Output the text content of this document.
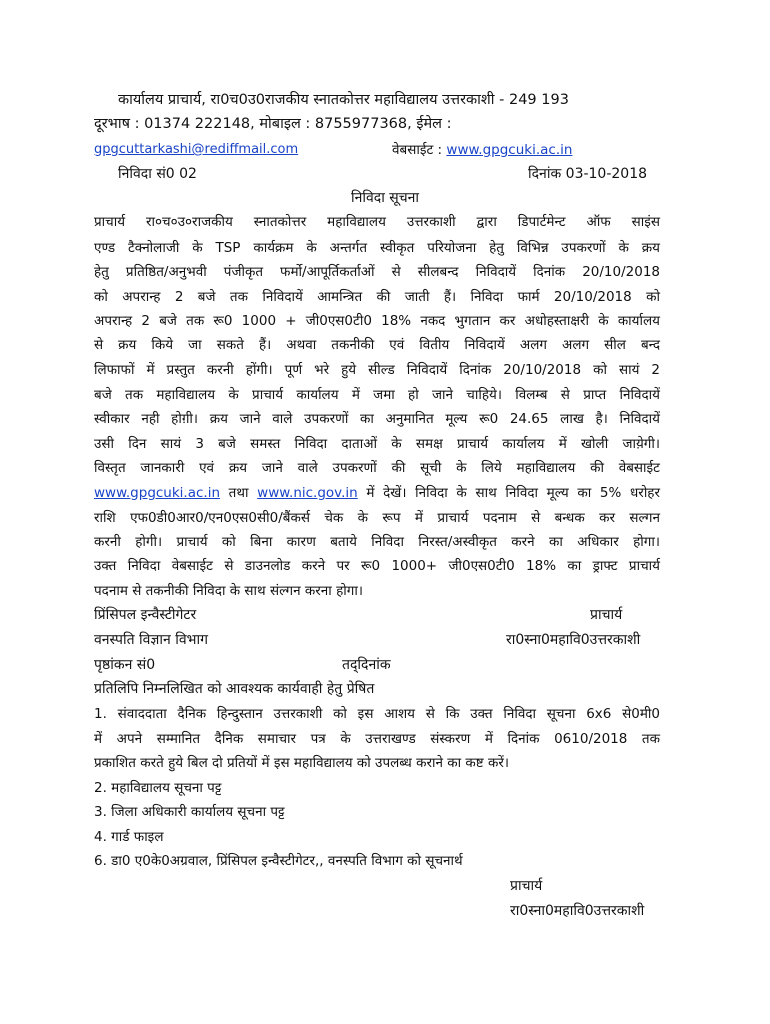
कार्यालय प्राचार्य, रा0च0उ0राजकीय स्नातकोत्तर महाविद्यालय उत्तरकाशी - 249 193
दूरभाष : 01374 222148, मोबाइल : 8755977368, ईमेल :
gpgcuttarkashi@rediffmail.com	वेबसाईट : www.gpgcuki.ac.in
निविदा सं0 02	दिनांक 03-10-2018
निविदा सूचना
प्राचार्य रा०च०उ०राजकीय स्नातकोत्तर महाविद्यालय उत्तरकाशी द्वारा डिपार्टमेन्ट ऑफ साइंस
एण्ड टैक्नोलाजी के TSP कार्यक्रम के अन्तर्गत स्वीकृत परियोजना हेतु विभिन्न उपकरणों के क्रय
हेतु प्रतिष्ठित/अनुभवी पंजीकृत फर्मो/आपूर्तिकर्ताओं से सीलबन्द निविदायें दिनांक 20/10/2018
को अपरान्ह 2 बजे तक निविदायें आमन्त्रित की जाती हैं। निविदा फार्म 20/10/2018 को
अपरान्ह 2 बजे तक रू0 1000 + जी0एस0टी0 18% नकद भुगतान कर अधोहस्ताक्षरी के कार्यालय
से क्रय किये जा सकते हैं। अथवा तकनीकी एवं वितीय निविदायें अलग अलग सील बन्द
लिफाफों में प्रस्तुत करनी होंगी। पूर्ण भरे हुये सील्ड निविदायें दिनांक 20/10/2018 को सायं 2
बजे तक महाविद्यालय के प्राचार्य कार्यालय में जमा हो जाने चाहिये। विलम्ब से प्राप्त निविदायें
स्वीकार नही होग़ी। क्रय जाने वाले उपकरणों का अनुमानित मूल्य रू0 24.65 लाख है। निविदायें
उसी दिन सायं 3 बजे समस्त निविदा दाताओं के समक्ष प्राचार्य कार्यालय में खोली जाय़ेगी।
विस्तृत जानकारी एवं क्रय जाने वाले उपकरणों की सूची के लिये महाविद्यालय की वेबसाईट
www.gpgcuki.ac.in तथा www.nic.gov.in में देखें। निविदा के साथ निविदा मूल्य का 5% धरोहर
राशि एफ0डी0आर0/एन0एस0सी0/बैंकर्स चेक के रूप में प्राचार्य पदनाम से बन्धक कर सल्गन
करनी होगी। प्राचार्य को बिना कारण बताये निविदा निरस्त/अस्वीकृत करने का अधिकार होगा।
उक्त निविदा वेबसाईट से डाउनलोड करने पर रू0 1000+ जी0एस0टी0 18% का ड्राफ्ट प्राचार्य
पदनाम से तकनीकी निविदा के साथ संल्गन करना होगा।
प्रिंसिपल इन्वैस्टीगेटर	प्राचार्य
वनस्पति विज्ञान विभाग	रा0स्ना0महावि0उत्तरकाशी
पृष्ठांकन सं0	तद्‌दिनांक
प्रतिलिपि निम्नलिखित को आवश्यक कार्यवाही हेतु प्रेषित
1. संवाददाता दैनिक हिन्दुस्तान उत्तरकाशी को इस आशय से कि उक्त निविदा सूचना 6x6 से0मी0
में अपने सम्मानित दैनिक समाचार पत्र के उत्तराखण्ड संस्करण में दिनांक 0610/2018 तक
प्रकाशित करते हुये बिल दो प्रतियों में इस महाविद्यालय को उपलब्ध कराने का कष्ट करें।
2. महाविद्यालय सूचना पट्ट
3. जिला अधिकारी कार्यालय सूचना पट्ट
4. गार्ड फाइल
6. डा0 ए0के0अग्रवाल, प्रिंसिपल इन्वैस्टीगेटर,, वनस्पति विभाग को सूचनार्थ
प्राचार्य
रा0स्ना0महावि0उत्तरकाशी
